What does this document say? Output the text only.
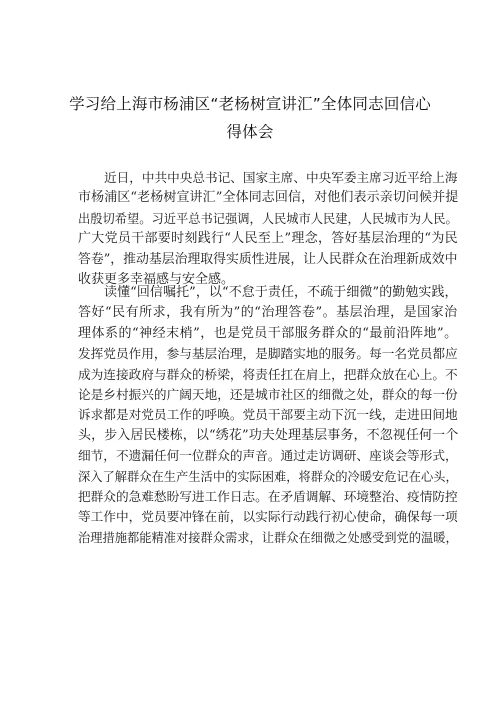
学习给上海市杨浦区“老杨树宣讲汇”全体同志回信心
得体会
近日，中共中央总书记、国家主席、中央军委主席习近平给上海
市杨浦区“老杨树宣讲汇”全体同志回信，对他们表示亲切问候并提
出殷切希望。习近平总书记强调，人民城市人民建，人民城市为人民。
广大党员干部要时刻践行“人民至上”理念，答好基层治理的“为民
答卷”，推动基层治理取得实质性进展，让人民群众在治理新成效中
收获更多幸福感与安全感。
读懂“回信嘱托”，以“不怠于责任，不疏于细微”的勤勉实践，
答好“民有所求，我有所为”的“治理答卷”。基层治理，是国家治
理体系的“神经末梢”，也是党员干部服务群众的“最前沿阵地”。
发挥党员作用，参与基层治理，是脚踏实地的服务。每一名党员都应
成为连接政府与群众的桥梁，将责任扛在肩上，把群众放在心上。不
论是乡村振兴的广阔天地，还是城市社区的细微之处，群众的每一份
诉求都是对党员工作的呼唤。党员干部要主动下沉一线，走进田间地
头，步入居民楼栋，以“绣花”功夫处理基层事务，不忽视任何一个
细节，不遗漏任何一位群众的声音。通过走访调研、座谈会等形式，
深入了解群众在生产生活中的实际困难，将群众的冷暖安危记在心头，
把群众的急难愁盼写进工作日志。在矛盾调解、环境整治、疫情防控
等工作中，党员要冲锋在前，以实际行动践行初心使命，确保每一项
治理措施都能精准对接群众需求，让群众在细微之处感受到党的温暖，
